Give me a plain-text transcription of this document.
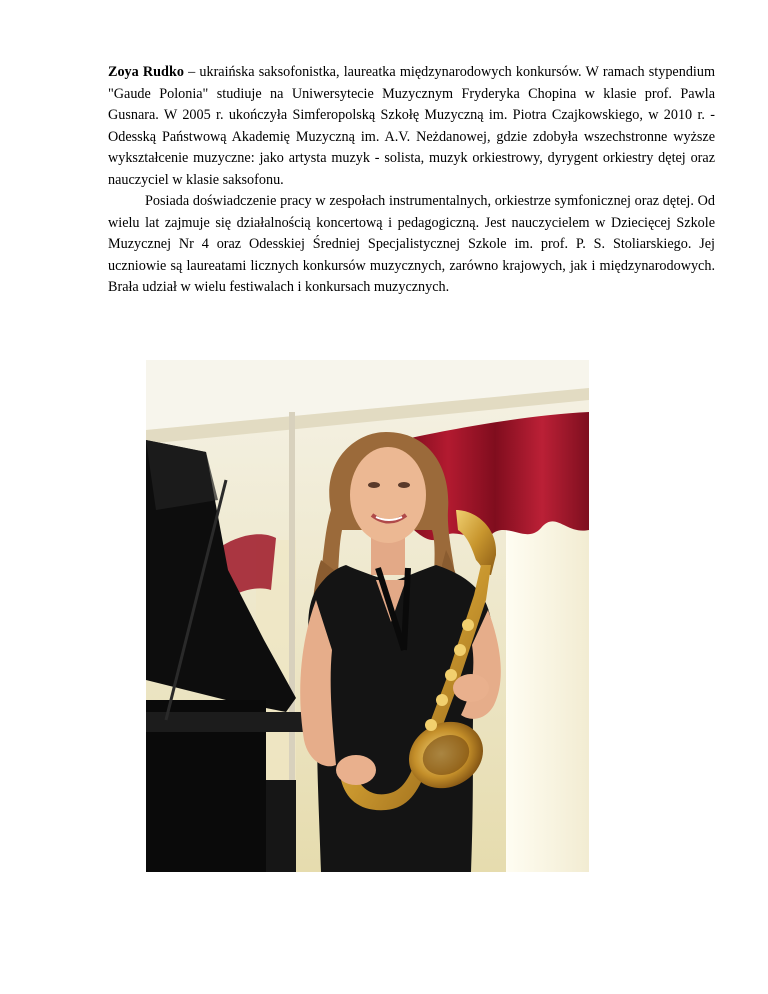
Zoya Rudko – ukraińska saksofonistka, laureatka międzynarodowych konkursów. W ramach stypendium "Gaude Polonia" studiuje na Uniwersytecie Muzycznym Fryderyka Chopina w klasie prof. Pawla Gusnara. W 2005 r. ukończyła Simferopolską Szkołę Muzyczną im. Piotra Czajkowskiego, w 2010 r. - Odesską Państwową Akademię Muzyczną im. A.V. Neżdanowej, gdzie zdobyła wszechstronne wyższe wykształcenie muzyczne: jako artysta muzyk - solista, muzyk orkiestrowy, dyrygent orkiestry dętej oraz nauczyciel w klasie saksofonu.

Posiada doświadczenie pracy w zespołach instrumentalnych, orkiestrze symfonicznej oraz dętej. Od wielu lat zajmuje się działalnością koncertową i pedagogiczną. Jest nauczycielem w Dziecięcej Szkole Muzycznej Nr 4 oraz Odesskiej Średniej Specjalistycznej Szkole im. prof. P. S. Stoliarskiego. Jej uczniowie są laureatami licznych konkursów muzycznych, zarówno krajowych, jak i międzynarodowych. Brała udział w wielu festiwalach i konkursach muzycznych.
